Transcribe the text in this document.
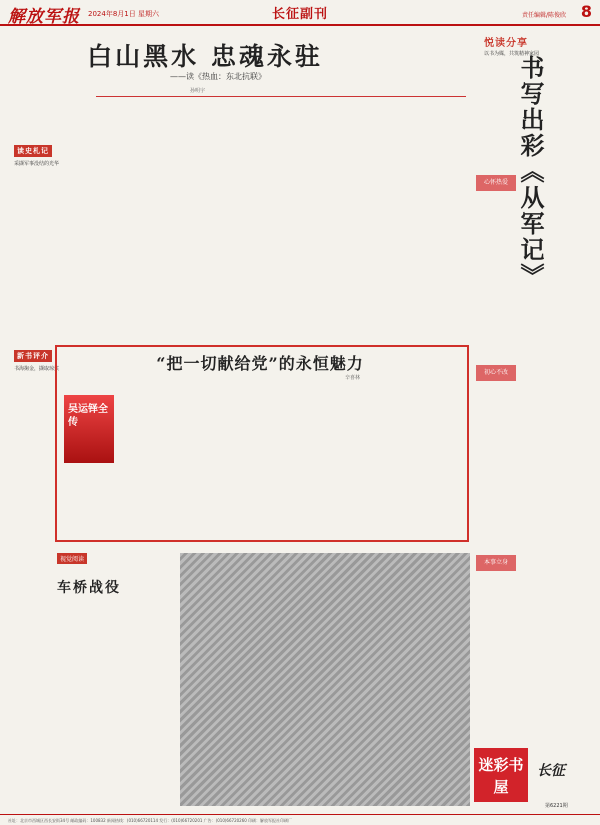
解放军报 2024年8月1日 星期六	长征副刊	责任编辑/陈俊欣 8
读史札记
采撷军事没结的光华
白山黑水 忠魂永驻
——读《热血：东北抗联》
孙明宇
新书评介
书海掬金，撷取琼浆	“把一切献给党”的永恒魅力
辛喜林
吴运铎全传
悦读分享
以书为媒，共筑精神家园
书写出彩《从军记》
心怀热爱
初心不改
本事立身
视觉阅读
车桥战役
迷彩书屋
长征
第6221期
社址：北京市西城区西长安街34号 邮政编码：100832 新闻热线：(010)66720114 发行：(010)66720201 广告：(010)66720260 印刷：解放军报社印刷厂
